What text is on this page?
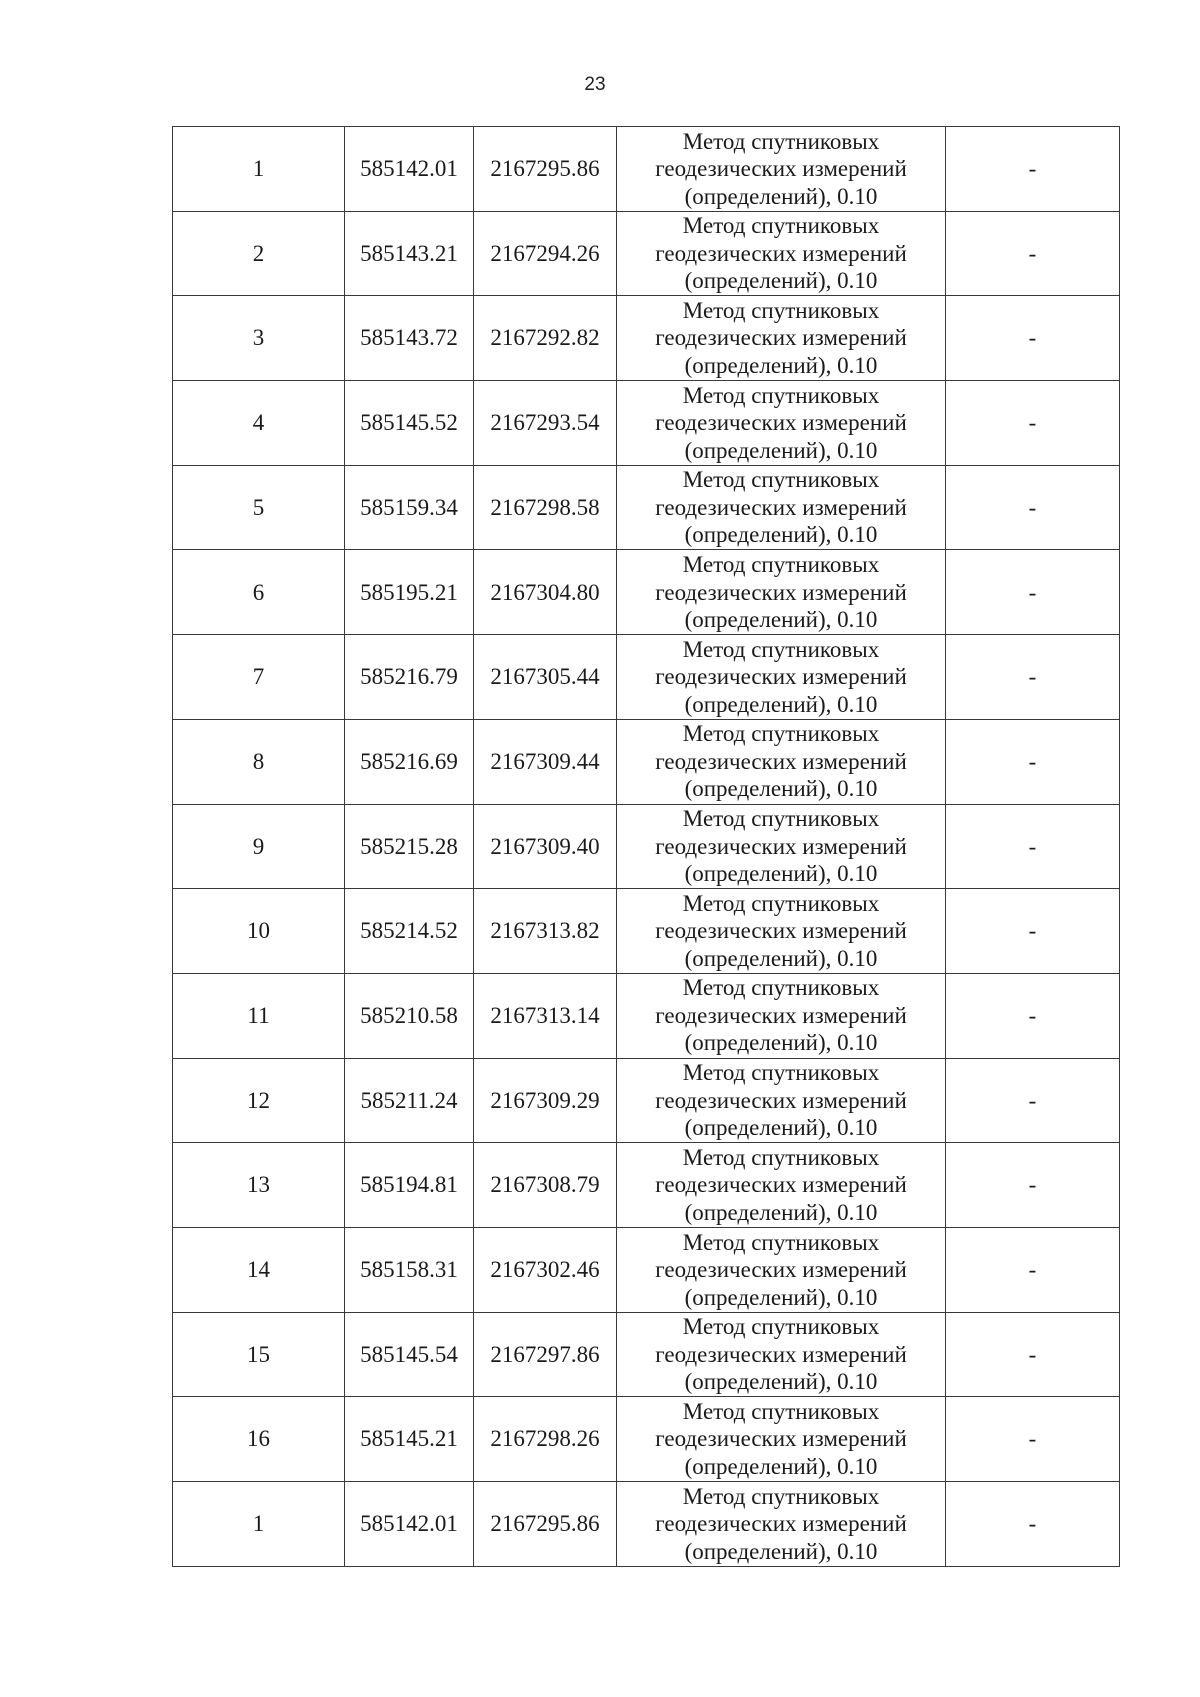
23
1	585142.01	2167295.86	Метод спутниковых
геодезических измерений
(определений), 0.10	-
2	585143.21	2167294.26	Метод спутниковых
геодезических измерений
(определений), 0.10	-
3	585143.72	2167292.82	Метод спутниковых
геодезических измерений
(определений), 0.10	-
4	585145.52	2167293.54	Метод спутниковых
геодезических измерений
(определений), 0.10	-
5	585159.34	2167298.58	Метод спутниковых
геодезических измерений
(определений), 0.10	-
6	585195.21	2167304.80	Метод спутниковых
геодезических измерений
(определений), 0.10	-
7	585216.79	2167305.44	Метод спутниковых
геодезических измерений
(определений), 0.10	-
8	585216.69	2167309.44	Метод спутниковых
геодезических измерений
(определений), 0.10	-
9	585215.28	2167309.40	Метод спутниковых
геодезических измерений
(определений), 0.10	-
10	585214.52	2167313.82	Метод спутниковых
геодезических измерений
(определений), 0.10	-
11	585210.58	2167313.14	Метод спутниковых
геодезических измерений
(определений), 0.10	-
12	585211.24	2167309.29	Метод спутниковых
геодезических измерений
(определений), 0.10	-
13	585194.81	2167308.79	Метод спутниковых
геодезических измерений
(определений), 0.10	-
14	585158.31	2167302.46	Метод спутниковых
геодезических измерений
(определений), 0.10	-
15	585145.54	2167297.86	Метод спутниковых
геодезических измерений
(определений), 0.10	-
16	585145.21	2167298.26	Метод спутниковых
геодезических измерений
(определений), 0.10	-
1	585142.01	2167295.86	Метод спутниковых
геодезических измерений
(определений), 0.10	-
